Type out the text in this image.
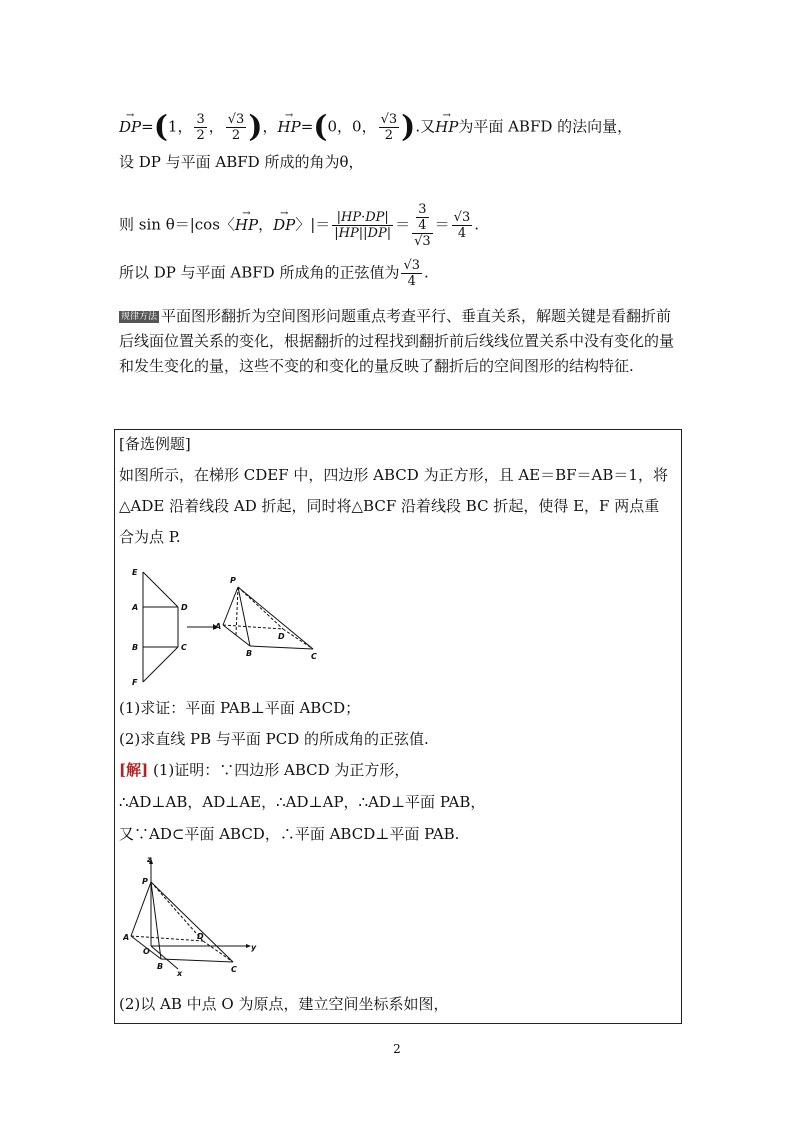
→ DP=(1， $\frac{3}{2}$ ， $\frac{√3}{2}$ )，→ HP=(0，0， $\frac{√3}{2}$ ).又→ HP为平面 ABFD 的法向量，
设 DP 与平面 ABFD 所成的角为θ，
则 sin θ＝|cos〈→ HP，→ DP〉|＝ $\frac{|HP\cdot DP|}{|HP||DP|} = \frac{\frac{3}{4}}{√3} = \frac{√3}{4}$ .
所以 DP 与平面 ABFD 所成角的正弦值为 $\frac{√3}{4}$ .
规律方法 平面图形翻折为空间图形问题重点考查平行、垂直关系，解题关键是看翻折前后线面位置关系的变化，根据翻折的过程找到翻折前后线线位置关系中没有变化的量和发生变化的量，这些不变的和变化的量反映了翻折后的空间图形的结构特征.
[备选例题]
如图所示，在梯形 CDEF 中，四边形 ABCD 为正方形，且 AE＝BF＝AB＝1，将
△ADE 沿着线段 AD 折起，同时将△BCF 沿着线段 BC 折起，使得 E，F 两点重
合为点 P.
E
A
B
F
D
C
P
A
D
B	C
(1)求证：平面 PAB⊥平面 ABCD；
(2)求直线 PB 与平面 PCD 的所成角的正弦值.
[解] (1)证明：∵四边形 ABCD 为正方形，
∴AD⊥AB，AD⊥AE，∴AD⊥AP，∴AD⊥平面 PAB，
又∵AD⊂平面 ABCD，∴平面 ABCD⊥平面 PAB.
z
P
A
O
D
y
B
x	C
(2)以 AB 中点 O 为原点，建立空间坐标系如图，
2
